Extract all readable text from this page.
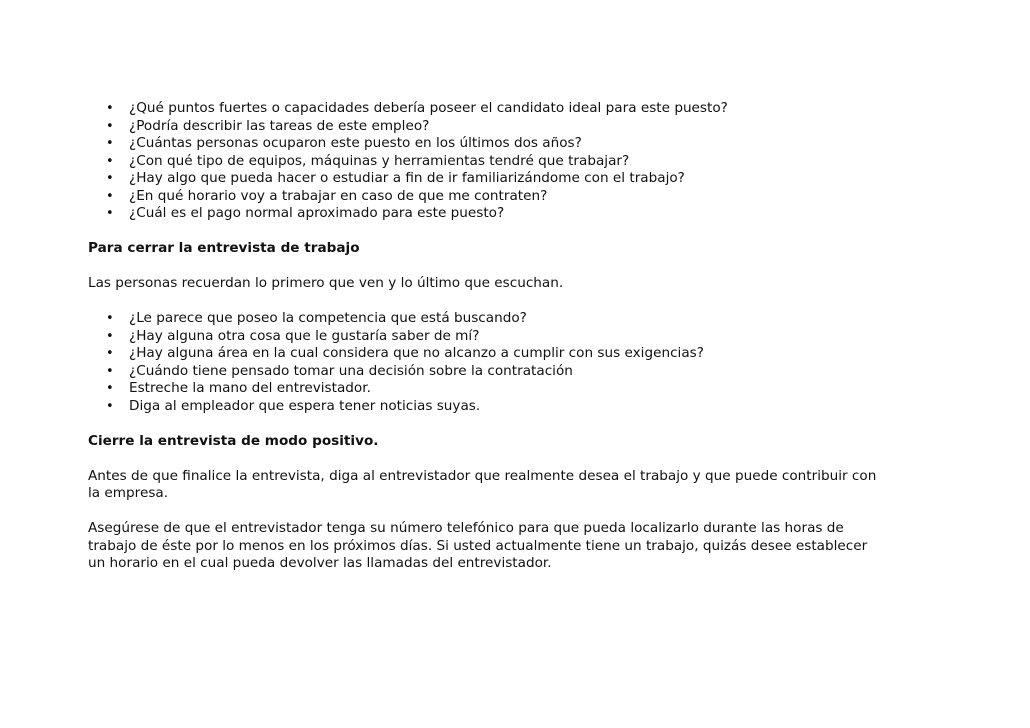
• ¿Qué puntos fuertes o capacidades debería poseer el candidato ideal para este puesto?
• ¿Podría describir las tareas de este empleo?
• ¿Cuántas personas ocuparon este puesto en los últimos dos años?
• ¿Con qué tipo de equipos, máquinas y herramientas tendré que trabajar?
• ¿Hay algo que pueda hacer o estudiar a fin de ir familiarizándome con el trabajo?
• ¿En qué horario voy a trabajar en caso de que me contraten?
• ¿Cuál es el pago normal aproximado para este puesto?

Para cerrar la entrevista de trabajo

Las personas recuerdan lo primero que ven y lo último que escuchan.

• ¿Le parece que poseo la competencia que está buscando?
• ¿Hay alguna otra cosa que le gustaría saber de mí?
• ¿Hay alguna área en la cual considera que no alcanzo a cumplir con sus exigencias?
• ¿Cuándo tiene pensado tomar una decisión sobre la contratación
• Estreche la mano del entrevistador.
• Diga al empleador que espera tener noticias suyas.

Cierre la entrevista de modo positivo.

Antes de que finalice la entrevista, diga al entrevistador que realmente desea el trabajo y que puede contribuir con
la empresa.

Asegúrese de que el entrevistador tenga su número telefónico para que pueda localizarlo durante las horas de
trabajo de éste por lo menos en los próximos días. Si usted actualmente tiene un trabajo, quizás desee establecer
un horario en el cual pueda devolver las llamadas del entrevistador.
